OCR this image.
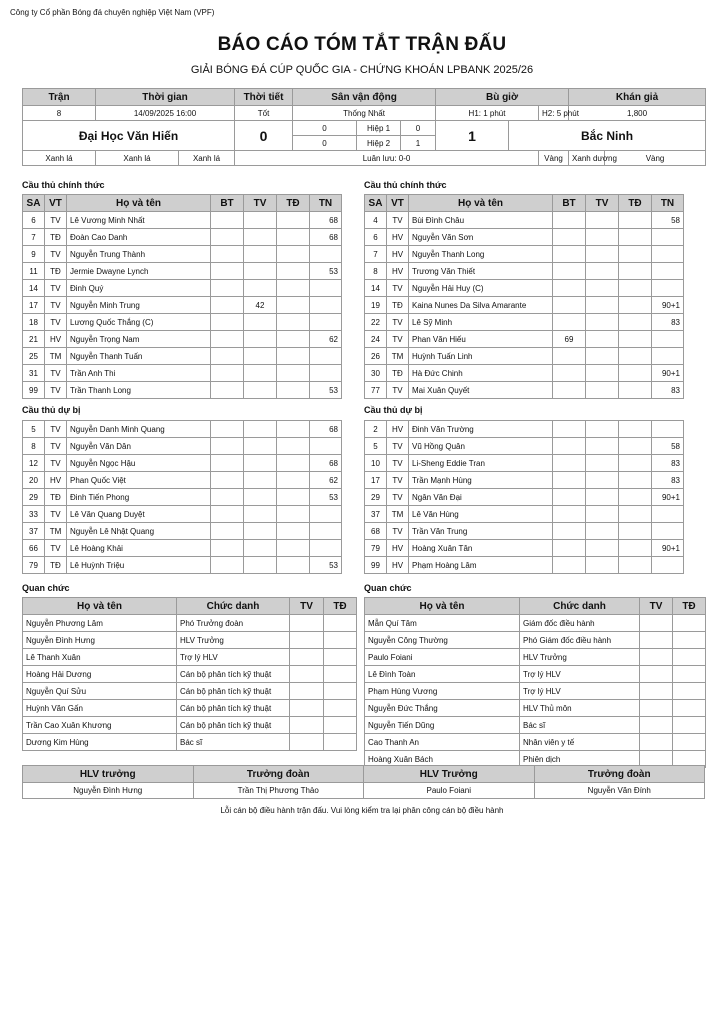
Công ty Cổ phần Bóng đá chuyên nghiệp Việt Nam (VPF)
BÁO CÁO TÓM TẮT TRẬN ĐẤU
GIẢI BÓNG ĐÁ CÚP QUỐC GIA - CHỨNG KHOÁN LPBANK 2025/26
Trận	Thời gian		Thời tiết	Sân vận động			Bù giờ			Khán giả	
8	14/09/2025 16:00		Tốt	Thống Nhất			H1: 1 phút		H2: 5 phút	1,800	
Đại Học Văn Hiến			0	0	Hiệp 1	0	1	Bắc Ninh			
				0	Hiệp 2	1					
Xanh lá	Xanh lá	Xanh lá	Luân lưu: 0-0						Vàng	Xanh dương	Vàng
Cầu thủ chính thức	Cầu thủ chính thức
Cầu thủ dự bị	Cầu thủ dự bị
Quan chức	Quan chức
SA	VT	Họ và tên	BT	TV	TĐ	TN
6	TV	Lê Vương Minh Nhất				68
7	TĐ	Đoàn Cao Danh				68
9	TV	Nguyễn Trung Thành				
11	TĐ	Jermie Dwayne Lynch				53
14	TV	Đinh Quý				
17	TV	Nguyễn Minh Trung		42		
18	TV	Lương Quốc Thắng (C)				
21	HV	Nguyễn Trọng Nam				62
25	TM	Nguyễn Thanh Tuấn				
31	TV	Trần Anh Thi				
99	TV	Trần Thanh Long				53
SA	VT	Họ và tên	BT	TV	TĐ	TN
4	TV	Bùi Đình Châu				58
6	HV	Nguyễn Văn Sơn				
7	HV	Nguyễn Thanh Long				
8	HV	Trương Văn Thiết				
14	TV	Nguyễn Hải Huy (C)				
19	TĐ	Kaina Nunes Da Silva Amarante				90+1
22	TV	Lê Sỹ Minh				83
24	TV	Phan Văn Hiếu	69			
26	TM	Huỳnh Tuấn Linh				
30	TĐ	Hà Đức Chinh				90+1
77	TV	Mai Xuân Quyết				83
5	TV	Nguyễn Danh Minh Quang				68
8	TV	Nguyễn Văn Dân				
12	TV	Nguyễn Ngọc Hậu				68
20	HV	Phan Quốc Việt				62
29	TĐ	Đinh Tiến Phong				53
33	TV	Lê Văn Quang Duyệt				
37	TM	Nguyễn Lê Nhật Quang				
66	TV	Lê Hoàng Khải				
79	TĐ	Lê Huỳnh Triệu				53
2	HV	Đinh Văn Trường				
5	TV	Vũ Hồng Quân				58
10	TV	Li-Sheng Eddie Tran				83
17	TV	Trần Mạnh Hùng				83
29	TV	Ngân Văn Đại				90+1
37	TM	Lê Văn Hùng				
68	TV	Trần Văn Trung				
79	HV	Hoàng Xuân Tân				90+1
99	HV	Phạm Hoàng Lâm				
Họ và tên	Chức danh	TV	TĐ
Nguyễn Phương Lâm	Phó Trưởng đoàn		
Nguyễn Đình Hưng	HLV Trưởng		
Lê Thanh Xuân	Trợ lý HLV		
Hoàng Hải Dương	Cán bộ phân tích kỹ thuật		
Nguyễn Quí Sửu	Cán bộ phân tích kỹ thuật		
Huỳnh Văn Gấn	Cán bộ phân tích kỹ thuật		
Trần Cao Xuân Khương	Cán bộ phân tích kỹ thuật		
Dương Kim Hùng	Bác sĩ		
Họ và tên	Chức danh	TV	TĐ
Mẫn Quí Tâm	Giám đốc điều hành		
Nguyễn Công Thường	Phó Giám đốc điều hành		
Paulo Foiani	HLV Trưởng		
Lê Đình Toàn	Trợ lý HLV		
Phạm Hùng Vương	Trợ lý HLV		
Nguyễn Đức Thắng	HLV Thủ môn		
Nguyễn Tiến Dũng	Bác sĩ		
Cao Thanh An	Nhân viên y tế		
Hoàng Xuân Bách	Phiên dịch		
HLV trưởng	Trưởng đoàn	HLV Trưởng	Trưởng đoàn
Nguyễn Đình Hưng	Trần Thị Phương Thảo	Paulo Foiani	Nguyễn Văn Đính
Lỗi cán bộ điều hành trận đấu. Vui lòng kiểm tra lại phân công cán bộ điều hành
